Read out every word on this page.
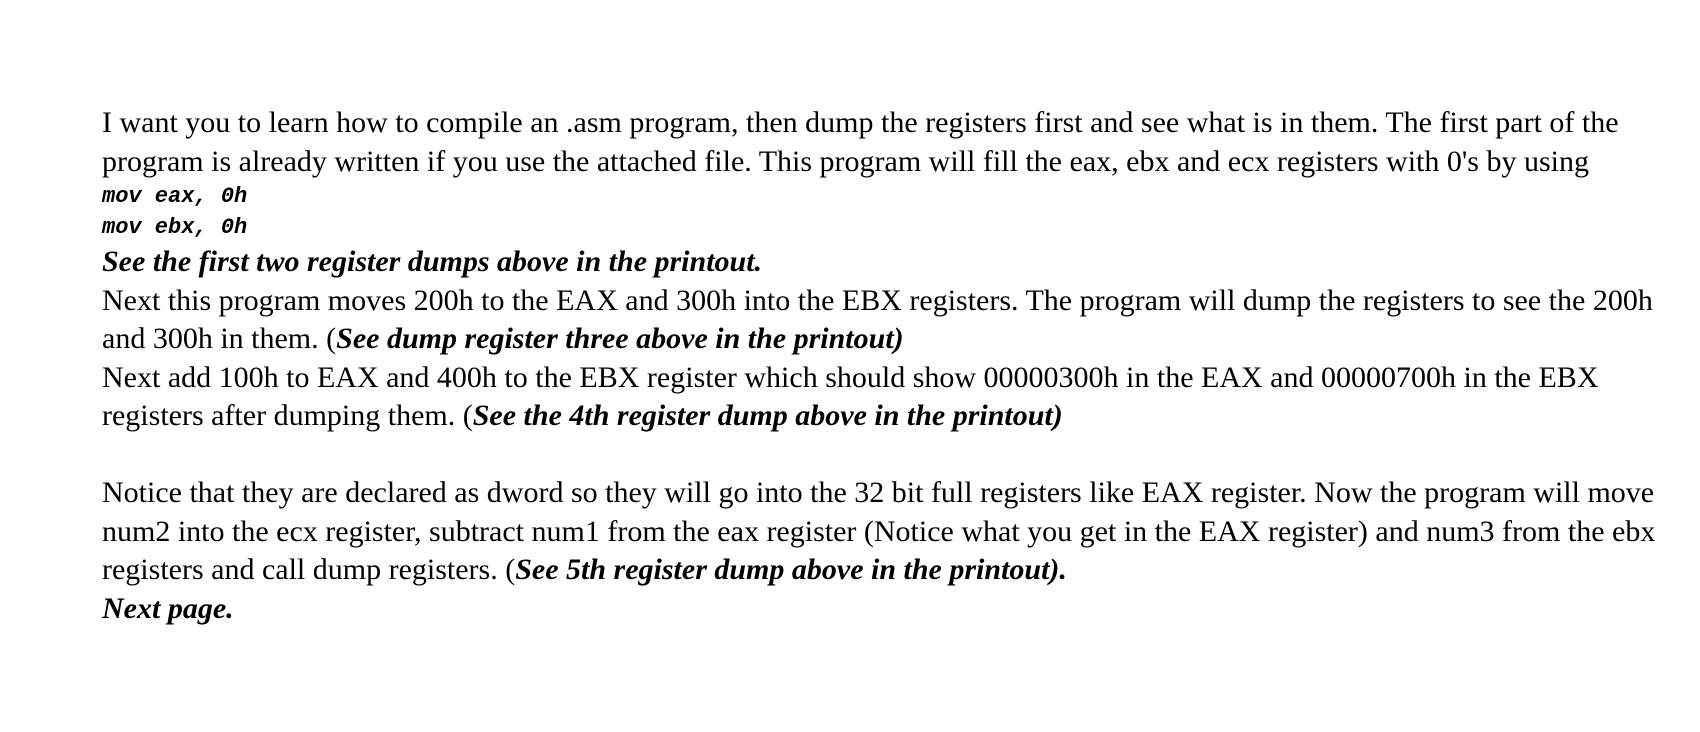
I want you to learn how to compile an .asm program, then dump the registers first and see what is in them. The first part of the program is already written if you use the attached file. This program will fill the eax, ebx and ecx registers with 0's by using

mov eax, 0h

mov ebx, 0h

See the first two register dumps above in the printout.

Next this program moves 200h to the EAX and 300h into the EBX registers. The program will dump the registers to see the 200h and 300h in them. (See dump register three above in the printout)

Next add 100h to EAX and 400h to the EBX register which should show 00000300h in the EAX and 00000700h in the EBX registers after dumping them. (See the 4th register dump above in the printout)

Notice that they are declared as dword so they will go into the 32 bit full registers like EAX register. Now the program will move num2 into the ecx register, subtract num1 from the eax register (Notice what you get in the EAX register) and num3 from the ebx registers and call dump registers. (See 5th register dump above in the printout).

Next page.
